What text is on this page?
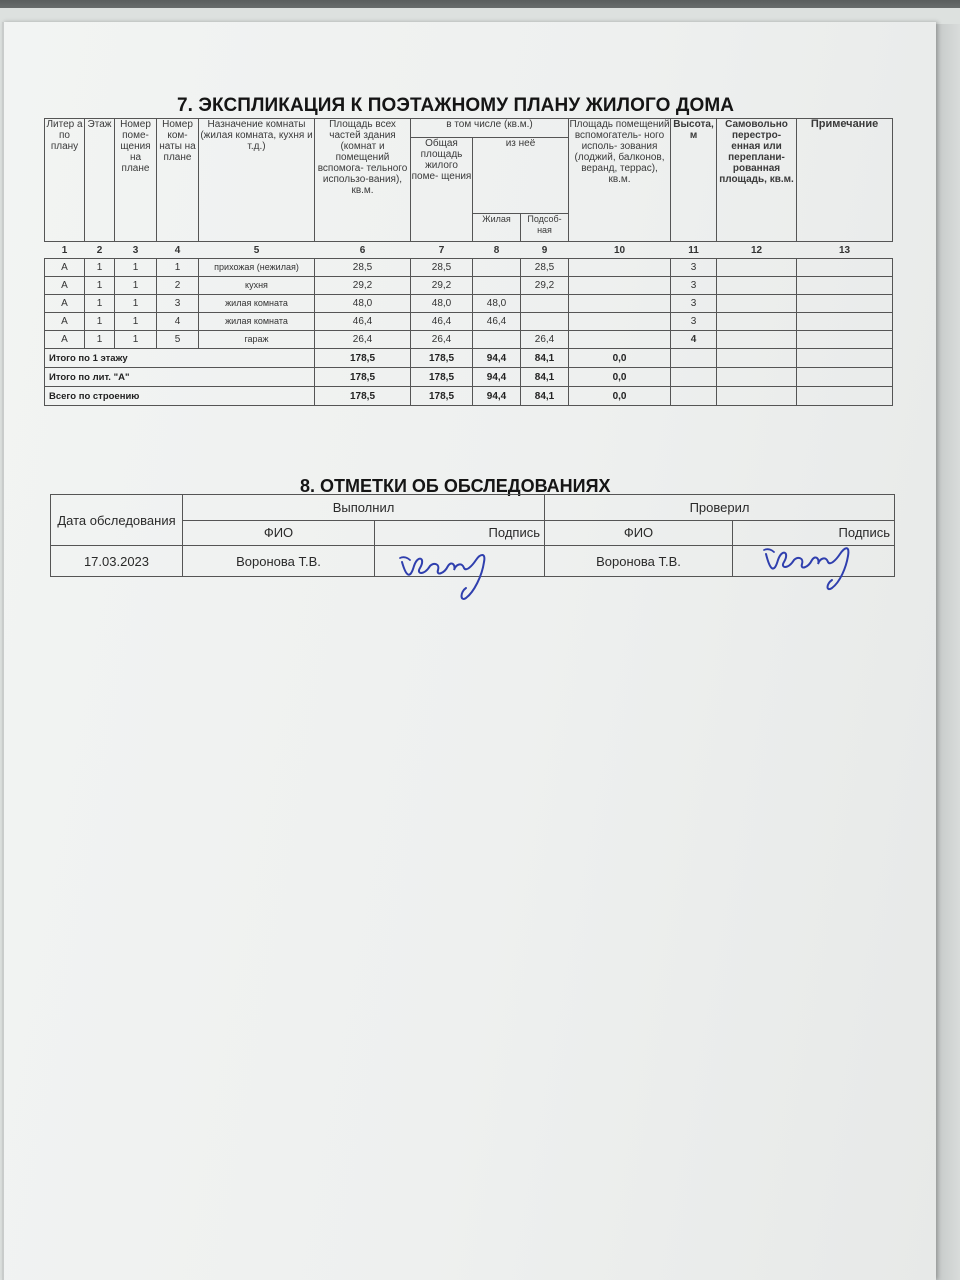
7. ЭКСПЛИКАЦИЯ К ПОЭТАЖНОМУ ПЛАНУ ЖИЛОГО ДОМА
Литер а по плану	Этаж	Номер поме- щения на плане	Номер ком- наты на плане	Назначение комнаты (жилая комната, кухня и т.д.)	Площадь всех частей здания (комнат и помещений вспомога- тельного использо-вания), кв.м.	в том числе (кв.м.)			Площадь помещений вспомогатель- ного исполь- зования (лоджий, балконов, веранд, террас), кв.м.	Высота, м	Самовольно перестро- енная или переплани- рованная площадь, кв.м.	Примечание
						Общая площадь жилого поме- щения	из неё					
							Жилая	Подсоб- ная				
1	2	3	4	5	6	7	8	9	10	11	12	13
А	1	1	1	прихожая (нежилая)	28,5	28,5		28,5		3		
А	1	1	2	кухня	29,2	29,2		29,2		3		
А	1	1	3	жилая комната	48,0	48,0	48,0			3		
А	1	1	4	жилая комната	46,4	46,4	46,4			3		
А	1	1	5	гараж	26,4	26,4		26,4		4		
Итого по 1 этажу					178,5	178,5	94,4	84,1	0,0			
Итого по лит. "А"					178,5	178,5	94,4	84,1	0,0			
Всего по строению					178,5	178,5	94,4	84,1	0,0			
8. ОТМЕТКИ ОБ ОБСЛЕДОВАНИЯХ
Дата обследования	Выполнил		Проверил	
	ФИО	Подпись	ФИО	Подпись
17.03.2023	Воронова Т.В.		Воронова Т.В.	
